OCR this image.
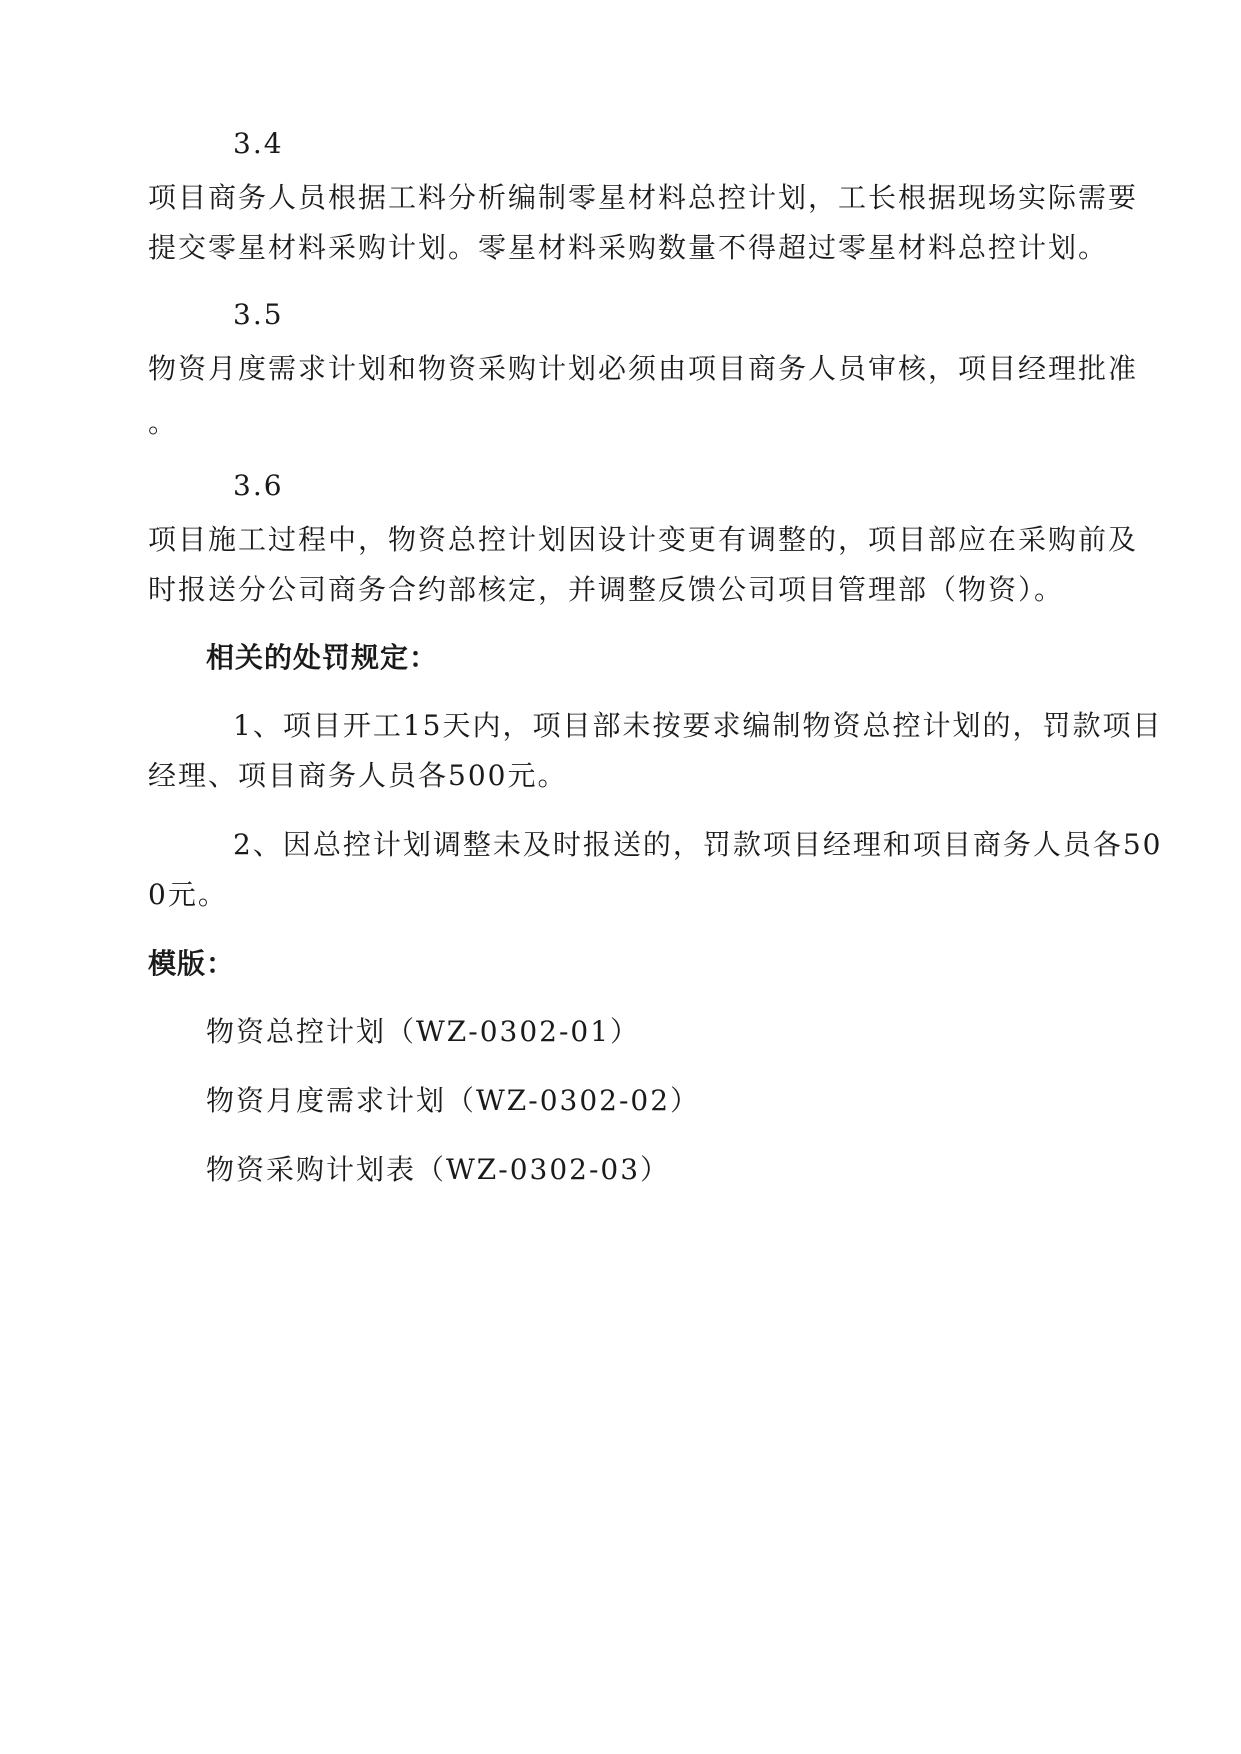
3.4
项目商务人员根据工料分析编制零星材料总控计划，工长根据现场实际需要
提交零星材料采购计划。零星材料采购数量不得超过零星材料总控计划。
3.5
物资月度需求计划和物资采购计划必须由项目商务人员审核，项目经理批准
。
3.6
项目施工过程中，物资总控计划因设计变更有调整的，项目部应在采购前及
时报送分公司商务合约部核定，并调整反馈公司项目管理部（物资）。
相关的处罚规定：
1、项目开工15天内，项目部未按要求编制物资总控计划的，罚款项目
经理、项目商务人员各500元。
2、因总控计划调整未及时报送的，罚款项目经理和项目商务人员各50
0元。
模版：
物资总控计划（WZ-0302-01）
物资月度需求计划（WZ-0302-02）
物资采购计划表（WZ-0302-03）
